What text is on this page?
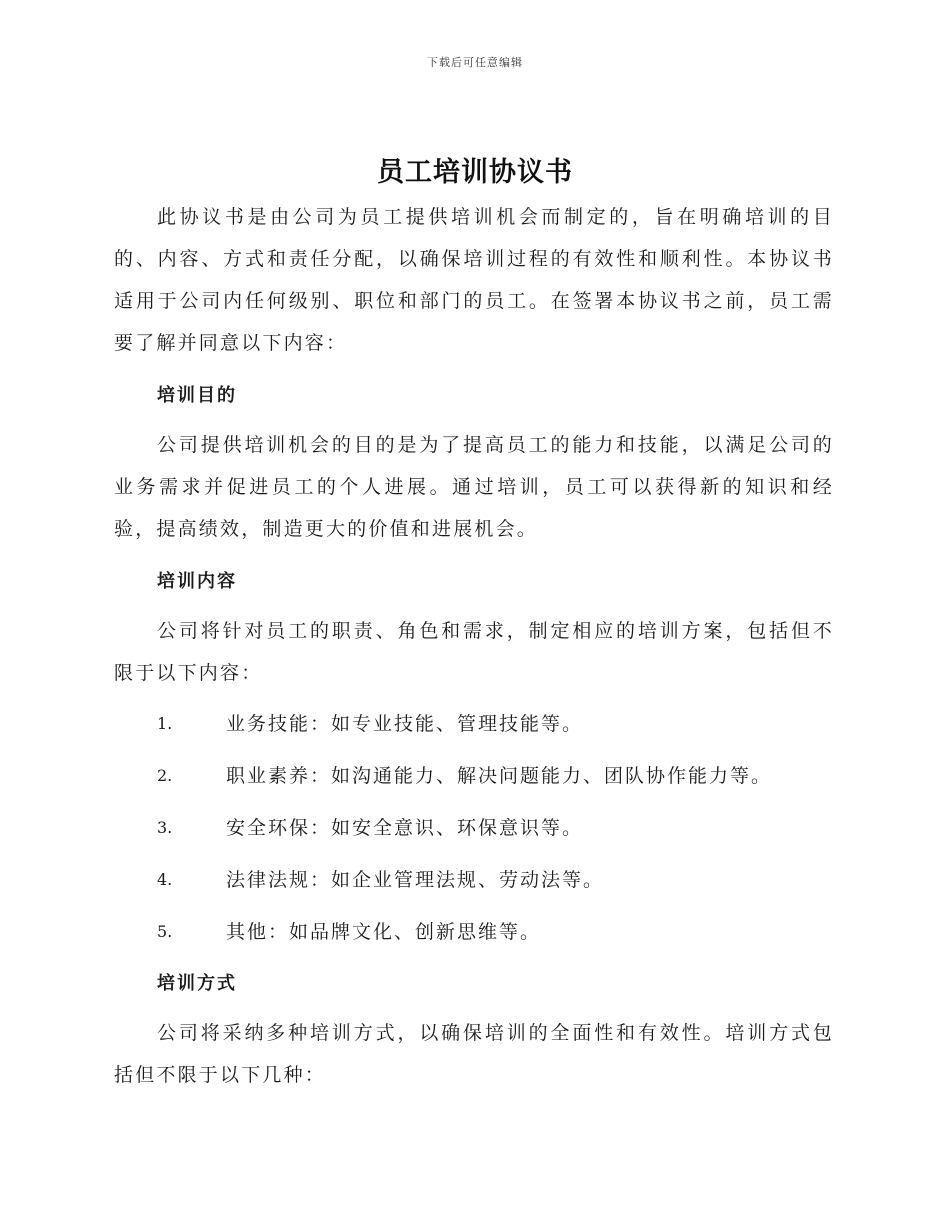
下载后可任意编辑
员工培训协议书

此协议书是由公司为员工提供培训机会而制定的，旨在明确培训的目的、内容、方式和责任分配，以确保培训过程的有效性和顺利性。本协议书适用于公司内任何级别、职位和部门的员工。在签署本协议书之前，员工需要了解并同意以下内容：

培训目的

公司提供培训机会的目的是为了提高员工的能力和技能，以满足公司的业务需求并促进员工的个人进展。通过培训，员工可以获得新的知识和经验，提高绩效，制造更大的价值和进展机会。

培训内容

公司将针对员工的职责、角色和需求，制定相应的培训方案，包括但不限于以下内容：

1.	业务技能：如专业技能、管理技能等。
2.	职业素养：如沟通能力、解决问题能力、团队协作能力等。
3.	安全环保：如安全意识、环保意识等。
4.	法律法规：如企业管理法规、劳动法等。
5.	其他：如品牌文化、创新思维等。
培训方式

公司将采纳多种培训方式，以确保培训的全面性和有效性。培训方式包括但不限于以下几种：
